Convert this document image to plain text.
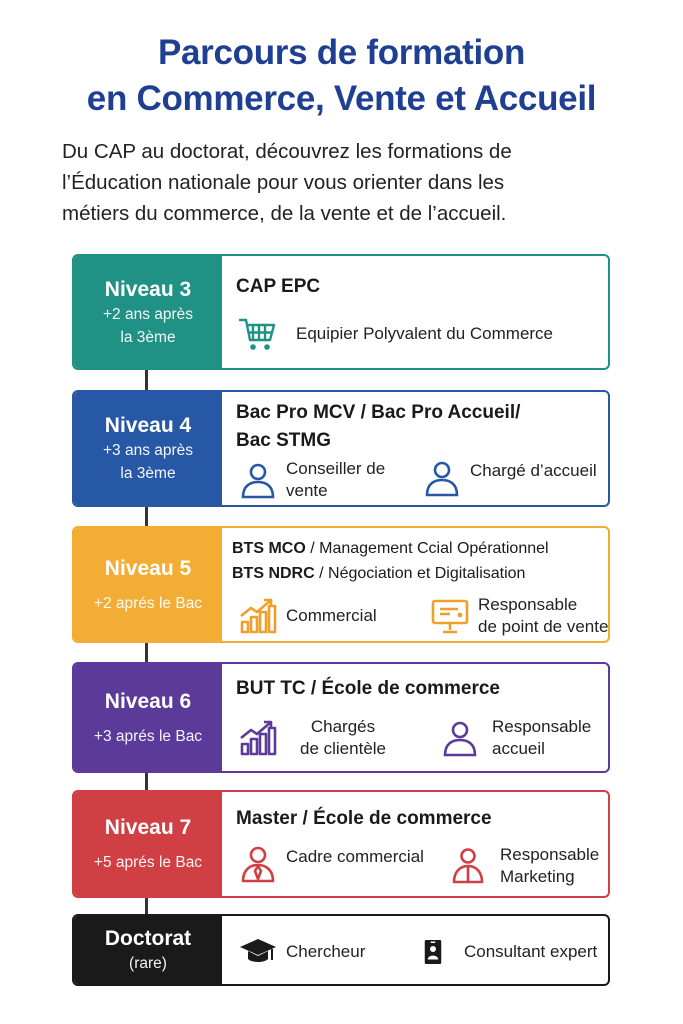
Parcours de formation
en Commerce, Vente et Accueil
Du CAP au doctorat, découvrez les formations de
l’Éducation nationale pour vous orienter dans les
métiers du commerce, de la vente et de l’accueil.
Niveau 3
+2 ans après
la 3ème
CAP EPC
Equipier Polyvalent du Commerce
Niveau 4
+3 ans après
la 3ème
Bac Pro MCV / Bac Pro Accueil/
Bac STMG
Conseiller de
vente
Chargé d’accueil
Niveau 5
+2 aprés le Bac
BTS MCO / Management Ccial Opérationnel
BTS NDRC / Négociation et Digitalisation
Commercial
Responsable
de point de vente
Niveau 6
+3 aprés le Bac
BUT TC / École de commerce
Chargés
de clientèle
Responsable
accueil
Niveau 7
+5 aprés le Bac
Master / École de commerce
Cadre commercial	Responsable
Marketing
Doctorat
(rare)
Chercheur	Consultant expert
